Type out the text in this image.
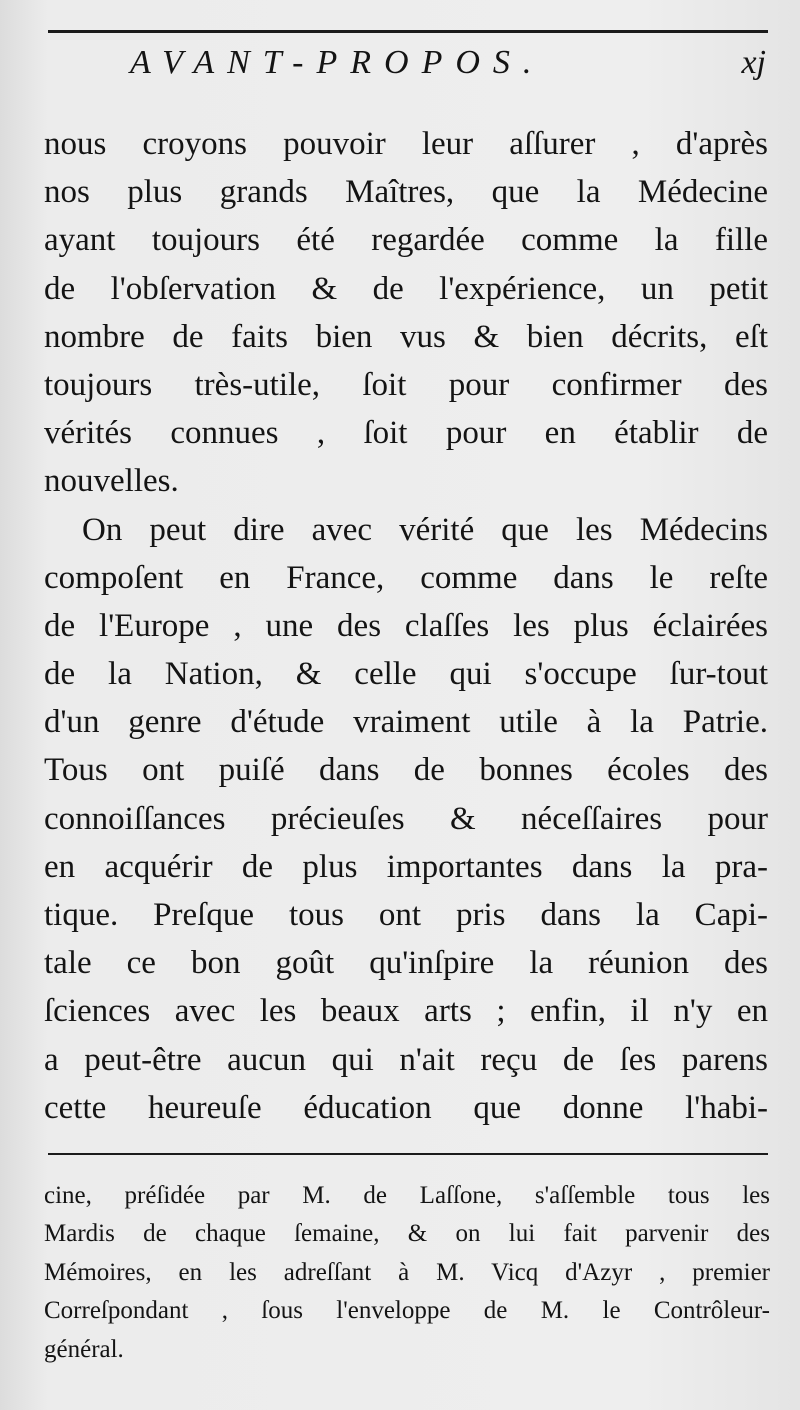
AVANT-PROPOS.	xj
nous croyons pouvoir leur aſſurer , d'après
nos plus grands Maîtres, que la Médecine
ayant toujours été regardée comme la fille
de l'obſervation & de l'expérience, un petit
nombre de faits bien vus & bien décrits, eſt
toujours très-utile, ſoit pour confirmer des
vérités connues , ſoit pour en établir de
nouvelles.
On peut dire avec vérité que les Médecins
compoſent en France, comme dans le reſte
de l'Europe , une des claſſes les plus éclairées
de la Nation, & celle qui s'occupe ſur-tout
d'un genre d'étude vraiment utile à la Patrie.
Tous ont puiſé dans de bonnes écoles des
connoiſſances précieuſes & néceſſaires pour
en acquérir de plus importantes dans la pra-
tique. Preſque tous ont pris dans la Capi-
tale ce bon goût qu'inſpire la réunion des
ſciences avec les beaux arts ; enfin, il n'y en
a peut-être aucun qui n'ait reçu de ſes parens
cette heureuſe éducation que donne l'habi-
cine, préſidée par M. de Laſſone, s'aſſemble tous les
Mardis de chaque ſemaine, & on lui fait parvenir des
Mémoires, en les adreſſant à M. Vicq d'Azyr , premier
Correſpondant , ſous l'enveloppe de M. le Contrôleur-
général.
